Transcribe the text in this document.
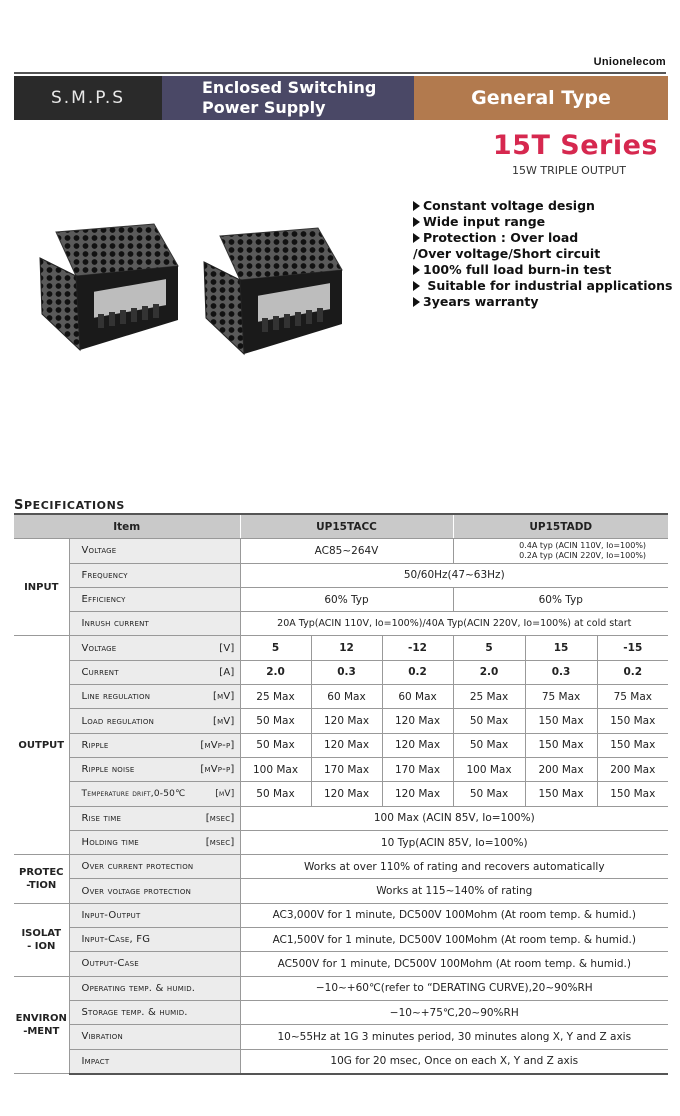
Unionelecom
S.M.P.S
Enclosed Switching
Power Supply	General Type
15T Series
15W TRIPLE OUTPUT
Constant voltage design
Wide input range
Protection : Over load
/Over voltage/Short circuit
100% full load burn-in test
Suitable for industrial applications
3years warranty
SPECIFICATIONS
Item		UP15TACC			UP15TADD		
INPUT	Voltage	AC85~264V			0.4A typ (ACIN 110V, Io=100%)
0.2A typ (ACIN 220V, Io=100%)		

	Frequency	50/60Hz(47~63Hz)					
	Efficiency	60% Typ			60% Typ		
	Inrush current	20A Typ(ACIN 110V, Io=100%)/40A Typ(ACIN 220V, Io=100%) at cold start					
OUTPUT	Voltage [V]	5	12	-12	5	15	-15
	Current [A]	2.0	0.3	0.2	2.0	0.3	0.2
	Line regulation [mV]	25 Max	60 Max	60 Max	25 Max	75 Max	75 Max
	Load regulation [mV]	50 Max	120 Max	120 Max	50 Max	150 Max	150 Max
	Ripple [mVp-p]	50 Max	120 Max	120 Max	50 Max	150 Max	150 Max
	Ripple noise [mVp-p]	100 Max	170 Max	170 Max	100 Max	200 Max	200 Max
	Temperature drift,0-50℃ [mV]	50 Max	120 Max	120 Max	50 Max	150 Max	150 Max
	Rise time [msec]	100 Max (ACIN 85V, Io=100%)					
	Holding time [msec]	10 Typ(ACIN 85V, Io=100%)					

PROTEC
-TION	Over current protection	Works at over 110% of rating and recovers automatically					
	Over voltage protection	Works at 115~140% of rating					

ISOLAT
- ION	Input-Output	AC3,000V for 1 minute, DC500V 100Mohm (At room temp. & humid.)					
	Input-Case, FG	AC1,500V for 1 minute, DC500V 100Mohm (At room temp. & humid.)					
	Output-Case	AC500V for 1 minute, DC500V 100Mohm (At room temp. & humid.)					

ENVIRON
-MENT	Operating temp. & humid.	−10~+60℃(refer to “DERATING CURVE),20~90%RH					
	Storage temp. & humid.	−10~+75℃,20~90%RH					
	Vibration	10~55Hz at 1G 3 minutes period, 30 minutes along X, Y and Z axis					
	Impact	10G for 20 msec, Once on each X, Y and Z axis					
